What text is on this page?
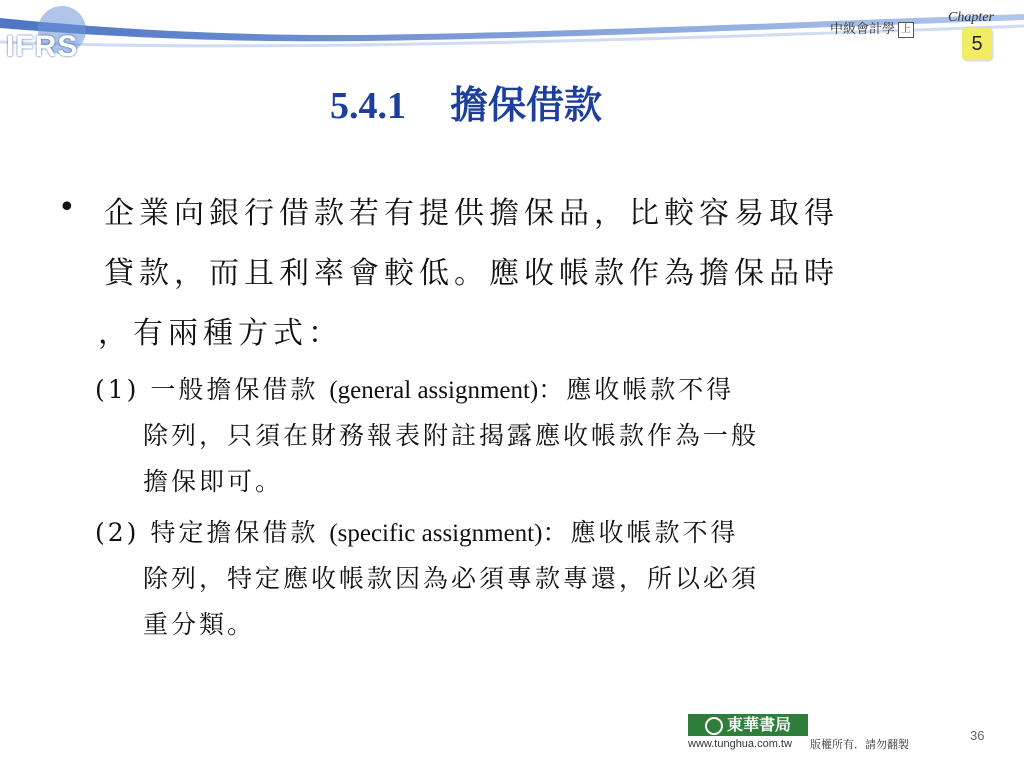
IFRS
中級會計學 上
Chapter
5
5.4.1 擔保借款
• 企業向銀行借款若有提供擔保品，比較容易取得
貸款，而且利率會較低。應收帳款作為擔保品時
，有兩種方式：
(1) 一般擔保借款 (general assignment)：應收帳款不得
除列，只須在財務報表附註揭露應收帳款作為一般
擔保即可。
(2) 特定擔保借款 (specific assignment)：應收帳款不得
除列，特定應收帳款因為必須專款專還，所以必須
重分類。
東華書局
www.tunghua.com.tw 版權所有．請勿翻製
36
